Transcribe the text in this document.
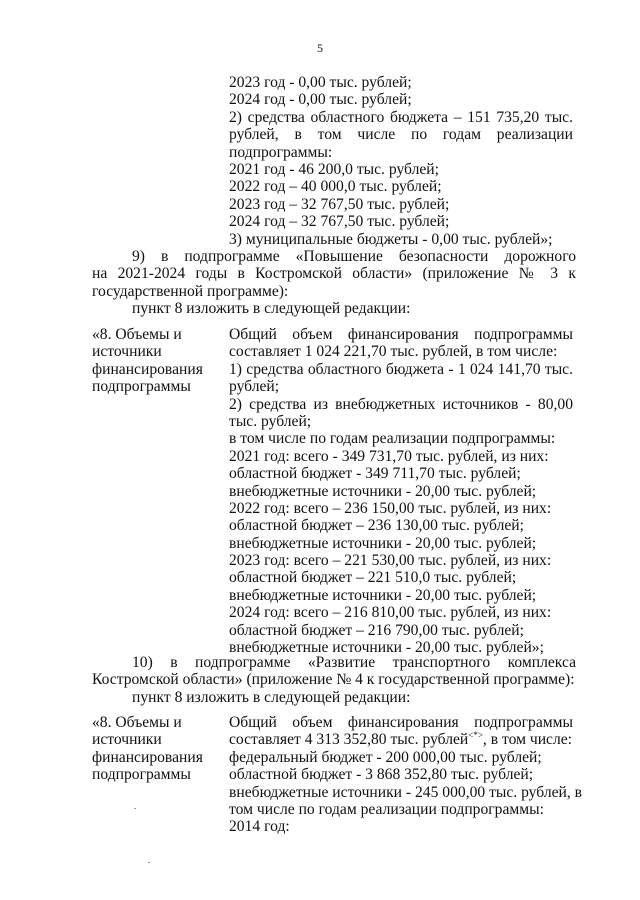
5
2023 год - 0,00 тыс. рублей;
2024 год - 0,00 тыс. рублей;
2) средства областного бюджета – 151 735,20 тыс.
рублей, в том числе по годам реализации
подпрограммы:
2021 год - 46 200,0 тыс. рублей;
2022 год – 40 000,0 тыс. рублей;
2023 год – 32 767,50 тыс. рублей;
2024 год – 32 767,50 тыс. рублей;
3) муниципальные бюджеты - 0,00 тыс. рублей»;
9) в подпрограмме «Повышение безопасности дорожного
на 2021-2024 годы в Костромской области» (приложение № 3 к
государственной программе):
пункт 8 изложить в следующей редакции:
«8. Объемы и
источники
финансирования
подпрограммы
Общий объем финансирования подпрограммы
составляет 1 024 221,70 тыс. рублей, в том числе:
1) средства областного бюджета - 1 024 141,70 тыс.
рублей;
2) средства из внебюджетных источников - 80,00
тыс. рублей;
в том числе по годам реализации подпрограммы:
2021 год: всего - 349 731,70 тыс. рублей, из них:
областной бюджет - 349 711,70 тыс. рублей;
внебюджетные источники - 20,00 тыс. рублей;
2022 год: всего – 236 150,00 тыс. рублей, из них:
областной бюджет – 236 130,00 тыс. рублей;
внебюджетные источники - 20,00 тыс. рублей;
2023 год: всего – 221 530,00 тыс. рублей, из них:
областной бюджет – 221 510,0 тыс. рублей;
внебюджетные источники - 20,00 тыс. рублей;
2024 год: всего – 216 810,00 тыс. рублей, из них:
областной бюджет – 216 790,00 тыс. рублей;
внебюджетные источники - 20,00 тыс. рублей»;
10) в подпрограмме «Развитие транспортного комплекса
Костромской области» (приложение № 4 к государственной программе):
пункт 8 изложить в следующей редакции:
«8. Объемы и
источники
финансирования
подпрограммы
Общий объем финансирования подпрограммы
составляет 4 313 352,80 тыс. рублей<*>, в том числе:
федеральный бюджет - 200 000,00 тыс. рублей;
областной бюджет - 3 868 352,80 тыс. рублей;
внебюджетные источники - 245 000,00 тыс. рублей, в
том числе по годам реализации подпрограммы:
2014 год:
